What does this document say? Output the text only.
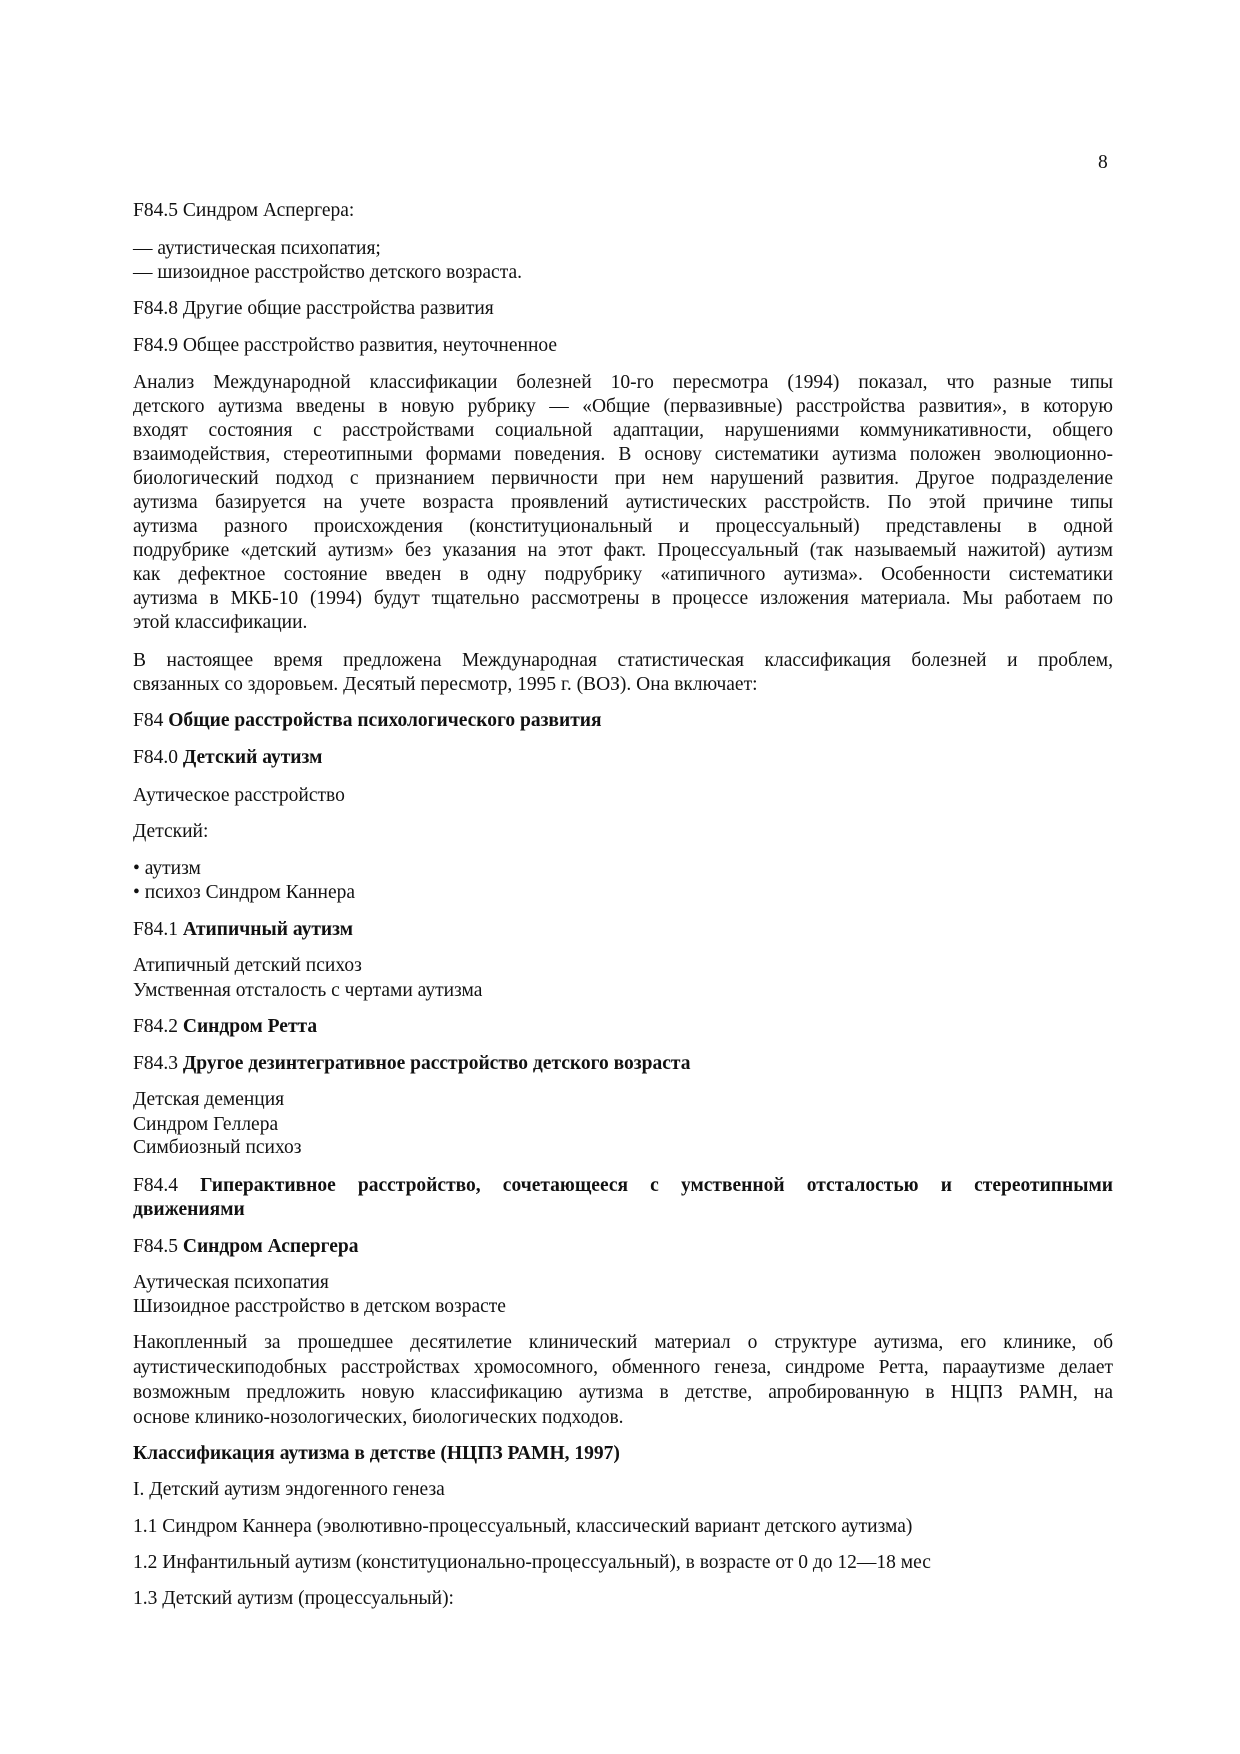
8
F84.5 Синдром Аспергера:
— аутистическая психопатия;
— шизоидное расстройство детского возраста.
F84.8 Другие общие расстройства развития
F84.9 Общее расстройство развития, неуточненное
Анализ Международной классификации болезней 10-го пересмотра (1994) показал, что разные типы
детского аутизма введены в новую рубрику — «Общие (первазивные) расстройства развития», в которую
входят состояния с расстройствами социальной адаптации, нарушениями коммуникативности, общего
взаимодействия, стереотипными формами поведения. В основу систематики аутизма положен эволюционно-
биологический подход с признанием первичности при нем нарушений развития. Другое подразделение
аутизма базируется на учете возраста проявлений аутистических расстройств. По этой причине типы
аутизма разного происхождения (конституциональный и процессуальный) представлены в одной
подрубрике «детский аутизм» без указания на этот факт. Процессуальный (так называемый нажитой) аутизм
как дефектное состояние введен в одну подрубрику «атипичного аутизма». Особенности систематики
аутизма в МКБ-10 (1994) будут тщательно рассмотрены в процессе изложения материала. Мы работаем по
этой классификации.
В настоящее время предложена Международная статистическая классификация болезней и проблем,
связанных со здоровьем. Десятый пересмотр, 1995 г. (ВОЗ). Она включает:
F84 Общие расстройства психологического развития
F84.0 Детский аутизм
Аутическое расстройство
Детский:
• аутизм
• психоз Синдром Каннера
F84.1 Атипичный аутизм
Атипичный детский психоз
Умственная отсталость с чертами аутизма
F84.2 Синдром Ретта
F84.3 Другое дезинтегративное расстройство детского возраста
Детская деменция
Синдром Геллера
Симбиозный психоз
F84.4 Гиперактивное расстройство, сочетающееся с умственной отсталостью и стереотипными
движениями
F84.5 Синдром Аспергера
Аутическая психопатия
Шизоидное расстройство в детском возрасте
Накопленный за прошедшее десятилетие клинический материал о структуре аутизма, его клинике, об
аутистическиподобных расстройствах хромосомного, обменного генеза, синдроме Ретта, парааутизме делает
возможным предложить новую классификацию аутизма в детстве, апробированную в НЦПЗ РАМН, на
основе клинико-нозологических, биологических подходов.
Классификация аутизма в детстве (НЦПЗ РАМН, 1997)
I. Детский аутизм эндогенного генеза
1.1 Синдром Каннера (эволютивно-процессуальный, классический вариант детского аутизма)
1.2 Инфантильный аутизм (конституционально-процессуальный), в возрасте от 0 до 12—18 мес
1.3 Детский аутизм (процессуальный):
